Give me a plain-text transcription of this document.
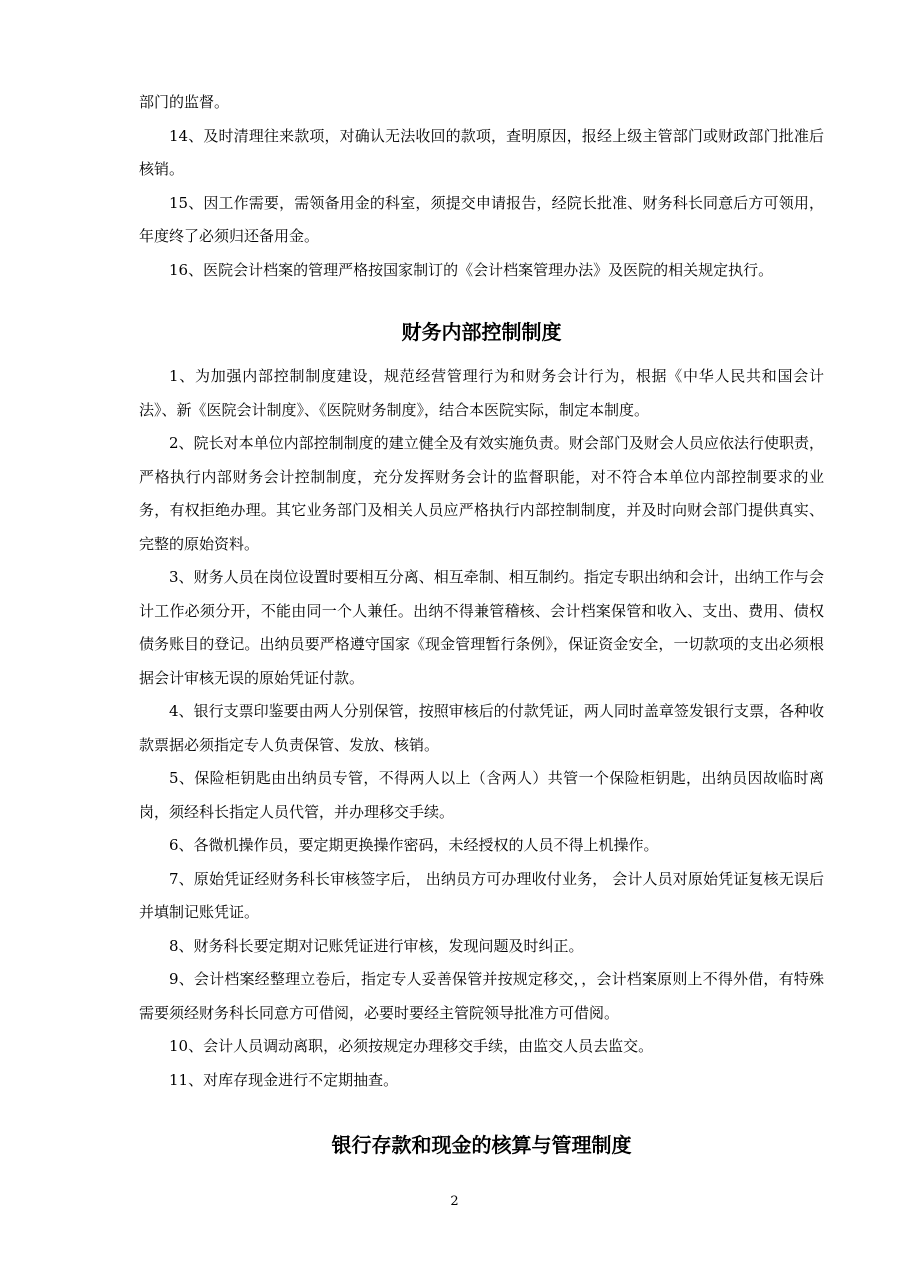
部门的监督。

14、及时清理往来款项，对确认无法收回的款项，查明原因，报经上级主管部门或财政部门批准后核销。

15、因工作需要，需领备用金的科室，须提交申请报告，经院长批准、财务科长同意后方可领用，年度终了必须归还备用金。

16、医院会计档案的管理严格按国家制订的《会计档案管理办法》及医院的相关规定执行。

财务内部控制制度

1、为加强内部控制制度建设，规范经营管理行为和财务会计行为，根据《中华人民共和国会计法》、新《医院会计制度》、《医院财务制度》，结合本医院实际，制定本制度。

2、院长对本单位内部控制制度的建立健全及有效实施负责。财会部门及财会人员应依法行使职责，严格执行内部财务会计控制制度，充分发挥财务会计的监督职能，对不符合本单位内部控制要求的业务，有权拒绝办理。其它业务部门及相关人员应严格执行内部控制制度，并及时向财会部门提供真实、完整的原始资料。

3、财务人员在岗位设置时要相互分离、相互牵制、相互制约。指定专职出纳和会计，出纳工作与会计工作必须分开，不能由同一个人兼任。出纳不得兼管稽核、会计档案保管和收入、支出、费用、债权债务账目的登记。出纳员要严格遵守国家《现金管理暂行条例》，保证资金安全，一切款项的支出必须根据会计审核无误的原始凭证付款。

4、银行支票印鉴要由两人分别保管，按照审核后的付款凭证，两人同时盖章签发银行支票，各种收款票据必须指定专人负责保管、发放、核销。

5、保险柜钥匙由出纳员专管，不得两人以上（含两人）共管一个保险柜钥匙，出纳员因故临时离岗，须经科长指定人员代管，并办理移交手续。

6、各微机操作员，要定期更换操作密码，未经授权的人员不得上机操作。

7、原始凭证经财务科长审核签字后， 出纳员方可办理收付业务， 会计人员对原始凭证复核无误后并填制记账凭证。

8、财务科长要定期对记账凭证进行审核，发现问题及时纠正。

9、会计档案经整理立卷后，指定专人妥善保管并按规定移交，，会计档案原则上不得外借，有特殊需要须经财务科长同意方可借阅，必要时要经主管院领导批准方可借阅。

10、会计人员调动离职，必须按规定办理移交手续，由监交人员去监交。

11、对库存现金进行不定期抽查。

银行存款和现金的核算与管理制度
2
